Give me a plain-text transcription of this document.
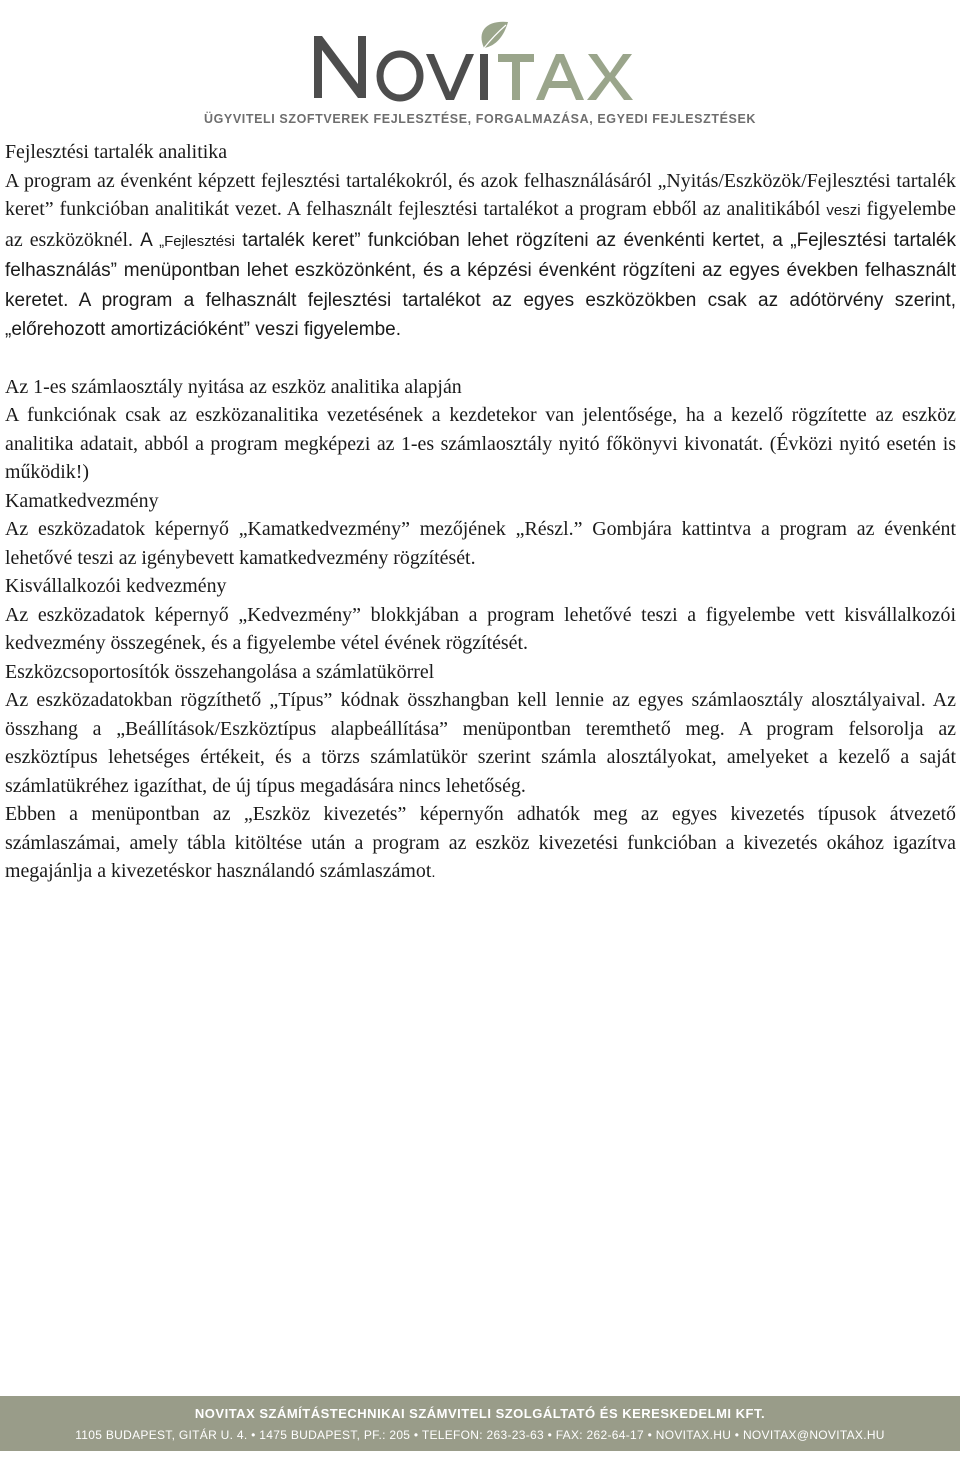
ÜGYVITELI SZOFTVEREK FEJLESZTÉSE, FORGALMAZÁSA, EGYEDI FEJLESZTÉSEK

Fejlesztési tartalék analitika

A program az évenként képzett fejlesztési tartalékokról, és azok felhasználásáról „Nyitás/Eszközök/Fejlesztési tartalék keret” funkcióban analitikát vezet. A felhasznált fejlesztési tartalékot a program ebből az analitikából veszi figyelembe az eszközöknél. A „Fejlesztési tartalék keret” funkcióban lehet rögzíteni az évenkénti kertet, a „Fejlesztési tartalék felhasználás” menüpontban lehet eszközönként, és a képzési évenként rögzíteni az egyes években felhasznált keretet. A program a felhasznált fejlesztési tartalékot az egyes eszközökben csak az adótörvény szerint, „előrehozott amortizációként” veszi figyelembe.

Az 1-es számlaosztály nyitása az eszköz analitika alapján

A funkciónak csak az eszközanalitika vezetésének a kezdetekor van jelentősége, ha a kezelő rögzítette az eszköz analitika adatait, abból a program megképezi az 1-es számlaosztály nyitó főkönyvi kivonatát. (Évközi nyitó esetén is működik!)

Kamatkedvezmény

Az eszközadatok képernyő „Kamatkedvezmény” mezőjének „Részl.” Gombjára kattintva a program az évenként lehetővé teszi az igénybevett kamatkedvezmény rögzítését.

Kisvállalkozói kedvezmény

Az eszközadatok képernyő „Kedvezmény” blokkjában a program lehetővé teszi a figyelembe vett kisvállalkozói kedvezmény összegének, és a figyelembe vétel évének rögzítését.

Eszközcsoportosítók összehangolása a számlatükörrel

Az eszközadatokban rögzíthető „Típus” kódnak összhangban kell lennie az egyes számlaosztály alosztályaival. Az összhang a „Beállítások/Eszköztípus alapbeállítása” menüpontban teremthető meg. A program felsorolja az eszköztípus lehetséges értékeit, és a törzs számlatükör szerint számla alosztályokat, amelyeket a kezelő a saját számlatükréhez igazíthat, de új típus megadására nincs lehetőség.

Ebben a menüpontban az „Eszköz kivezetés” képernyőn adhatók meg az egyes kivezetés típusok átvezető számlaszámai, amely tábla kitöltése után a program az eszköz kivezetési funkcióban a kivezetés okához igazítva megajánlja a kivezetéskor használandó számlaszámot.

NOVITAX SZÁMÍTÁSTECHNIKAI SZÁMVITELI SZOLGÁLTATÓ ÉS KERESKEDELMI KFT.
1105 BUDAPEST, GITÁR U. 4. • 1475 BUDAPEST, PF.: 205 • TELEFON: 263-23-63 • FAX: 262-64-17 • NOVITAX.HU • NOVITAX@NOVITAX.HU
